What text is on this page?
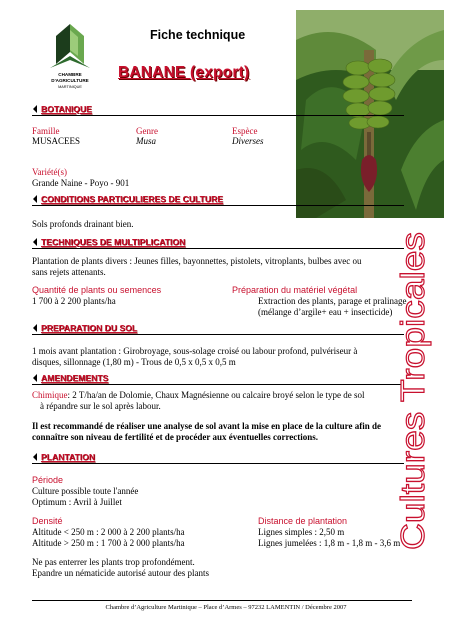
CHAMBRE
D'AGRICULTURE
MARTINIQUE
Fiche technique
BANANE (export)
BOTANIQUE
Famille
MUSACEES
Genre
Musa
Espèce
Diverses
Variété(s)
Grande Naine - Poyo - 901
CONDITIONS PARTICULIERES DE CULTURE
Sols profonds drainant bien.
TECHNIQUES DE MULTIPLICATION
Plantation de plants divers : Jeunes filles, bayonnettes, pistolets, vitroplants, bulbes avec ou
sans rejets attenants.
Quantité de plants ou semences
1 700 à 2 200 plants/ha
Préparation du matériel végétal
Extraction des plants, parage et pralinage
(mélange d’argile+ eau + insecticide)
PREPARATION DU SOL
1 mois avant plantation : Girobroyage, sous-solage croisé ou labour profond, pulvériseur à
disques, sillonnage (1,80 m) - Trous de 0,5 x 0,5 x 0,5 m
AMENDEMENTS
Chimique: 2 T/ha/an de Dolomie, Chaux Magnésienne ou calcaire broyé selon le type de sol
à répandre sur le sol après labour.
Il est recommandé de réaliser une analyse de sol avant la mise en place de la culture afin de
connaître son niveau de fertilité et de procéder aux éventuelles corrections.
PLANTATION
Période
Culture possible toute l'année
Optimum : Avril à Juillet
Densité
Altitude < 250 m : 2 000 à 2 200 plants/ha
Altitude > 250 m : 1 700 à 2 000 plants/ha
Distance de plantation
Lignes simples : 2,50 m
Lignes jumelées : 1,8 m - 1,8 m - 3,6 m
Ne pas enterrer les plants trop profondément.
Epandre un nématicide autorisé autour des plants
Cultures Tropicales
Chambre d’Agriculture Martinique – Place d’Armes – 97232 LAMENTIN / Décembre 2007
